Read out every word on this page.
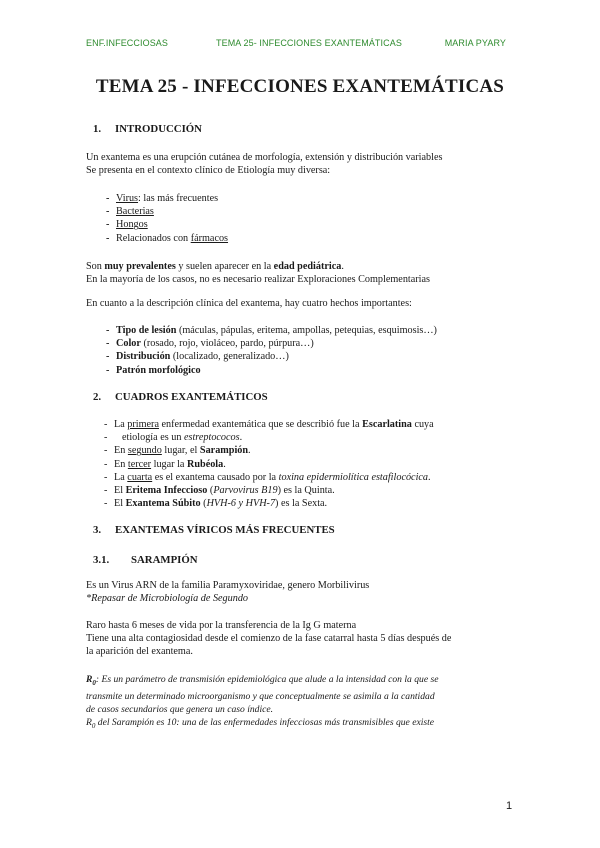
ENF.INFECCIOSAS	TEMA 25- INFECCIONES EXANTEMÁTICAS	MARIA PYARY
TEMA 25 - INFECCIONES EXANTEMÁTICAS
1. INTRODUCCIÓN

Un exantema es una erupción cutánea de morfología, extensión y distribución variables

Se presenta en el contexto clínico de Etiología muy diversa:

- Virus: las más frecuentes
- Bacterias
- Hongos
- Relacionados con fármacos

Son muy prevalentes y suelen aparecer en la edad pediátrica.

En la mayoría de los casos, no es necesario realizar Exploraciones Complementarias

En cuanto a la descripción clínica del exantema, hay cuatro hechos importantes:

- Tipo de lesión (máculas, pápulas, eritema, ampollas, petequias, esquimosis…)
- Color (rosado, rojo, violáceo, pardo, púrpura…)
- Distribución (localizado, generalizado…)
- Patrón morfológico
2. CUADROS EXANTEMÁTICOS
- La primera enfermedad exantemática que se describió fue la Escarlatina cuya
- etiología es un estreptococos.
- En segundo lugar, el Sarampión.
- En tercer lugar la Rubéola.
- La cuarta es el exantema causado por la toxina epidermiolítica estafilocócica.
- El Eritema Infeccioso (Parvovirus B19) es la Quinta.
- El Exantema Súbito (HVH-6 y HVH-7) es la Sexta.
3. EXANTEMAS VÍRICOS MÁS FRECUENTES
3.1. SARAMPIÓN

Es un Virus ARN de la familia Paramyxoviridae, genero Morbilivirus

*Repasar de Microbiología de Segundo

Raro hasta 6 meses de vida por la transferencia de la Ig G materna

Tiene una alta contagiosidad desde el comienzo de la fase catarral hasta 5 días después de

la aparición del exantema.

$R_0$: Es un parámetro de transmisión epidemiológica que alude a la intensidad con la que se

transmite un determinado microorganismo y que conceptualmente se asimila a la cantidad

de casos secundarios que genera un caso índice.

$R_0$ del Sarampión es 10: una de las enfermedades infecciosas más transmisibles que existe

1
